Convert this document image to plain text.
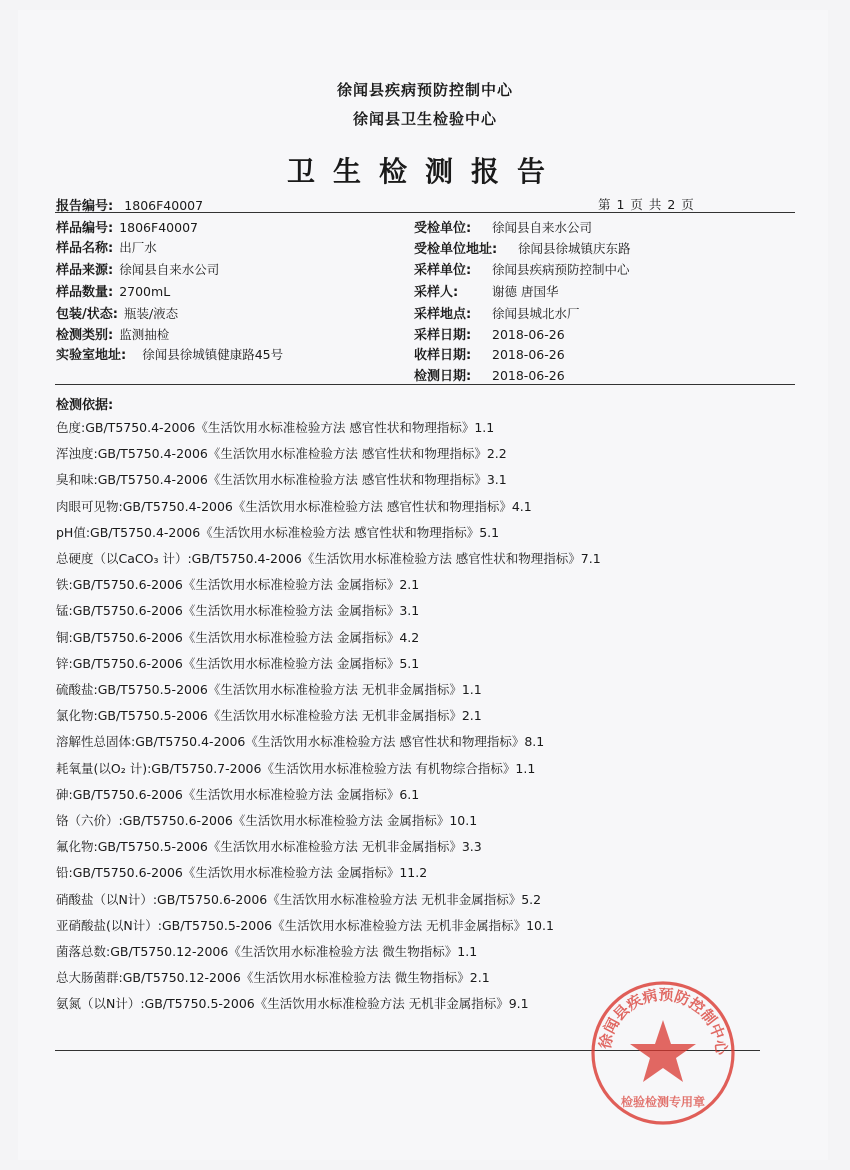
徐闻县疾病预防控制中心
徐闻县卫生检验中心
卫生检测报告
报告编号: 1806F40007	第 1 页 共 2 页
样品编号: 1806F40007
样品名称: 出厂水
样品来源: 徐闻县自来水公司
样品数量: 2700mL
包装/状态: 瓶装/液态
检测类别: 监测抽检
实验室地址: 徐闻县徐城镇健康路45号
受检单位: 徐闻县自来水公司
受检单位地址: 徐闻县徐城镇庆东路
采样单位: 徐闻县疾病预防控制中心
采样人:	谢德 唐国华
采样地点: 徐闻县城北水厂
采样日期: 2018-06-26
收样日期: 2018-06-26
检测日期: 2018-06-26
检测依据:
色度:GB/T5750.4-2006《生活饮用水标准检验方法 感官性状和物理指标》1.1
浑浊度:GB/T5750.4-2006《生活饮用水标准检验方法 感官性状和物理指标》2.2
臭和味:GB/T5750.4-2006《生活饮用水标准检验方法 感官性状和物理指标》3.1
肉眼可见物:GB/T5750.4-2006《生活饮用水标准检验方法 感官性状和物理指标》4.1
pH值:GB/T5750.4-2006《生活饮用水标准检验方法 感官性状和物理指标》5.1
总硬度（以CaCO₃ 计）:GB/T5750.4-2006《生活饮用水标准检验方法 感官性状和物理指标》7.1
铁:GB/T5750.6-2006《生活饮用水标准检验方法 金属指标》2.1
锰:GB/T5750.6-2006《生活饮用水标准检验方法 金属指标》3.1
铜:GB/T5750.6-2006《生活饮用水标准检验方法 金属指标》4.2
锌:GB/T5750.6-2006《生活饮用水标准检验方法 金属指标》5.1
硫酸盐:GB/T5750.5-2006《生活饮用水标准检验方法 无机非金属指标》1.1
氯化物:GB/T5750.5-2006《生活饮用水标准检验方法 无机非金属指标》2.1
溶解性总固体:GB/T5750.4-2006《生活饮用水标准检验方法 感官性状和物理指标》8.1
耗氧量(以O₂ 计):GB/T5750.7-2006《生活饮用水标准检验方法 有机物综合指标》1.1
砷:GB/T5750.6-2006《生活饮用水标准检验方法 金属指标》6.1
铬（六价）:GB/T5750.6-2006《生活饮用水标准检验方法 金属指标》10.1
氟化物:GB/T5750.5-2006《生活饮用水标准检验方法 无机非金属指标》3.3
铅:GB/T5750.6-2006《生活饮用水标准检验方法 金属指标》11.2
硝酸盐（以N计）:GB/T5750.6-2006《生活饮用水标准检验方法 无机非金属指标》5.2
亚硝酸盐(以N计）:GB/T5750.5-2006《生活饮用水标准检验方法 无机非金属指标》10.1
菌落总数:GB/T5750.12-2006《生活饮用水标准检验方法 微生物指标》1.1
总大肠菌群:GB/T5750.12-2006《生活饮用水标准检验方法 微生物指标》2.1
氨氮（以N计）:GB/T5750.5-2006《生活饮用水标准检验方法 无机非金属指标》9.1
徐闻县疾病预防控制中心
检验检测专用章
